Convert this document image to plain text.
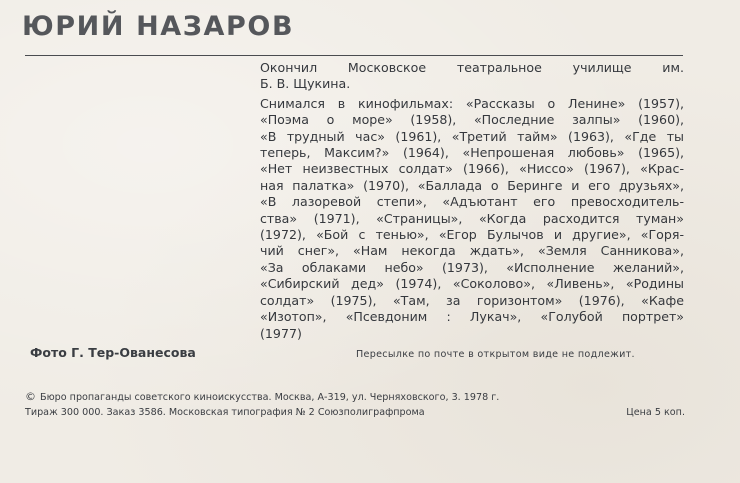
ЮРИЙ НАЗАРОВ
Окончил Московское театральное училище им.
Б. В. Щукина.
Снимался в кинофильмах: «Рассказы о Ленине» (1957),
«Поэма о море» (1958), «Последние залпы» (1960),
«В трудный час» (1961), «Третий тайм» (1963), «Где ты
теперь, Максим?» (1964), «Непрошеная любовь» (1965),
«Нет неизвестных солдат» (1966), «Нисcо» (1967), «Крас-
ная палатка» (1970), «Баллада о Беринге и его друзьях»,
«В лазоревой степи», «Адъютант его превосходитель-
ства» (1971), «Страницы», «Когда расходится туман»
(1972), «Бой с тенью», «Егор Булычов и другие», «Горя-
чий снег», «Нам некогда ждать», «Земля Санникова»,
«За облаками небо» (1973), «Исполнение желаний»,
«Сибирский дед» (1974), «Соколово», «Ливень», «Родины
солдат» (1975), «Там, за горизонтом» (1976), «Кафе
«Изотоп», «Псевдоним : Лукач», «Голубой портрет»
(1977)
Фото Г. Тер-Ованесова	Пересылке по почте в открытом виде не подлежит.
© Бюро пропаганды советского киноискусства. Москва, А-319, ул. Черняховского, 3. 1978 г.
Тираж 300 000. Заказ 3586. Московская типография № 2 Союзполиграфпрома	Цена 5 коп.
